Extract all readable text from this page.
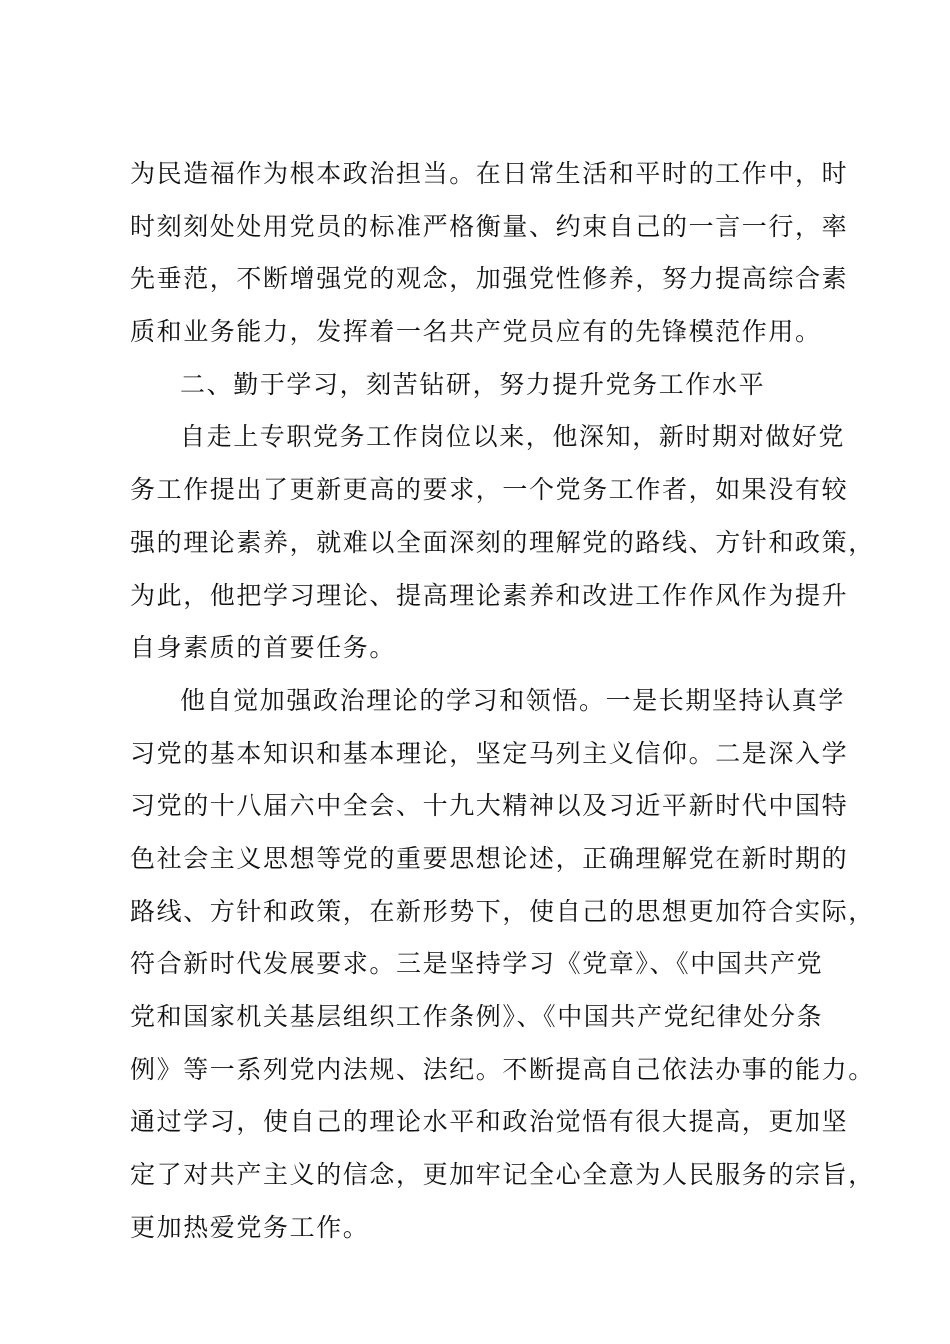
为民造福作为根本政治担当。在日常生活和平时的工作中，时
时刻刻处处用党员的标准严格衡量、约束自己的一言一行，率
先垂范，不断增强党的观念，加强党性修养，努力提高综合素
质和业务能力，发挥着一名共产党员应有的先锋模范作用。
二、勤于学习，刻苦钻研，努力提升党务工作水平
自走上专职党务工作岗位以来，他深知，新时期对做好党
务工作提出了更新更高的要求，一个党务工作者，如果没有较
强的理论素养，就难以全面深刻的理解党的路线、方针和政策，
为此，他把学习理论、提高理论素养和改进工作作风作为提升
自身素质的首要任务。
他自觉加强政治理论的学习和领悟。一是长期坚持认真学
习党的基本知识和基本理论，坚定马列主义信仰。二是深入学
习党的十八届六中全会、十九大精神以及习近平新时代中国特
色社会主义思想等党的重要思想论述，正确理解党在新时期的
路线、方针和政策，在新形势下，使自己的思想更加符合实际，
符合新时代发展要求。三是坚持学习《党章》、《中国共产党
党和国家机关基层组织工作条例》、《中国共产党纪律处分条
例》等一系列党内法规、法纪。不断提高自己依法办事的能力。
通过学习，使自己的理论水平和政治觉悟有很大提高，更加坚
定了对共产主义的信念，更加牢记全心全意为人民服务的宗旨，
更加热爱党务工作。
